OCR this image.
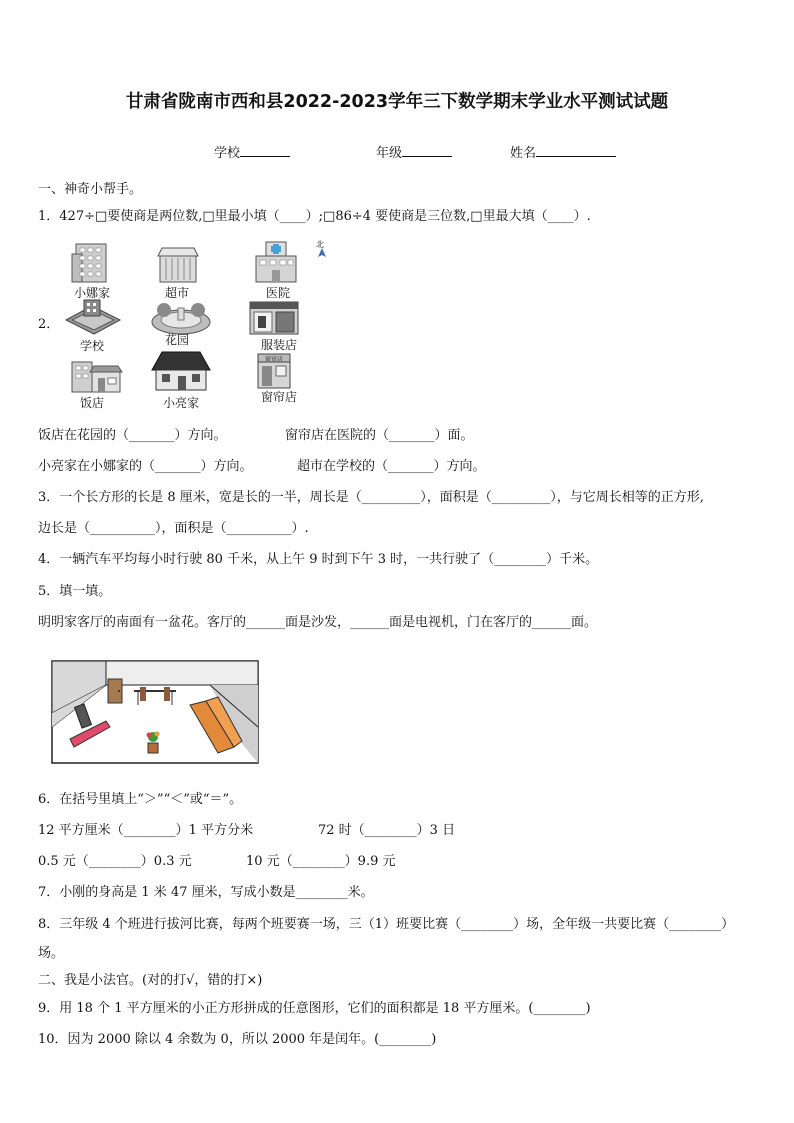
甘肃省陇南市西和县2022-2023学年三下数学期末学业水平测试试题
学校	年级	姓名
一、神奇小帮手。
1．427÷□要使商是两位数,□里最小填（____）;□86÷4 要使商是三位数,□里最大填（____）.
2．
北
小娜家	超市	医院
学校	花园	服装店
饭店	小亮家
窗帘店
窗帘店
饭店在花园的（_______）方向。	窗帘店在医院的（_______）面。
小亮家在小娜家的（_______）方向。	超市在学校的（_______）方向。
3．一个长方形的长是 8 厘米，宽是长的一半，周长是（_________），面积是（_________），与它周长相等的正方形,
边长是（__________），面积是（__________）.
4．一辆汽车平均每小时行驶 80 千米，从上午 9 时到下午 3 时，一共行驶了（________）千米。
5．填一填。
明明家客厅的南面有一盆花。客厅的______面是沙发，______面是电视机，门在客厅的______面。
6．在括号里填上“＞”“＜”或“＝”。
12 平方厘米（________）1 平方分米	72 时（________）3 日
0.5 元（________）0.3 元	10 元（________）9.9 元
7．小刚的身高是 1 米 47 厘米，写成小数是________米。
8．三年级 4 个班进行拔河比赛，每两个班要赛一场，三（1）班要比赛（________）场，全年级一共要比赛（________）
场。
二、我是小法官。(对的打√，错的打×)
9．用 18 个 1 平方厘米的小正方形拼成的任意图形，它们的面积都是 18 平方厘米。(________)
10．因为 2000 除以 4 余数为 0，所以 2000 年是闰年。(________)
